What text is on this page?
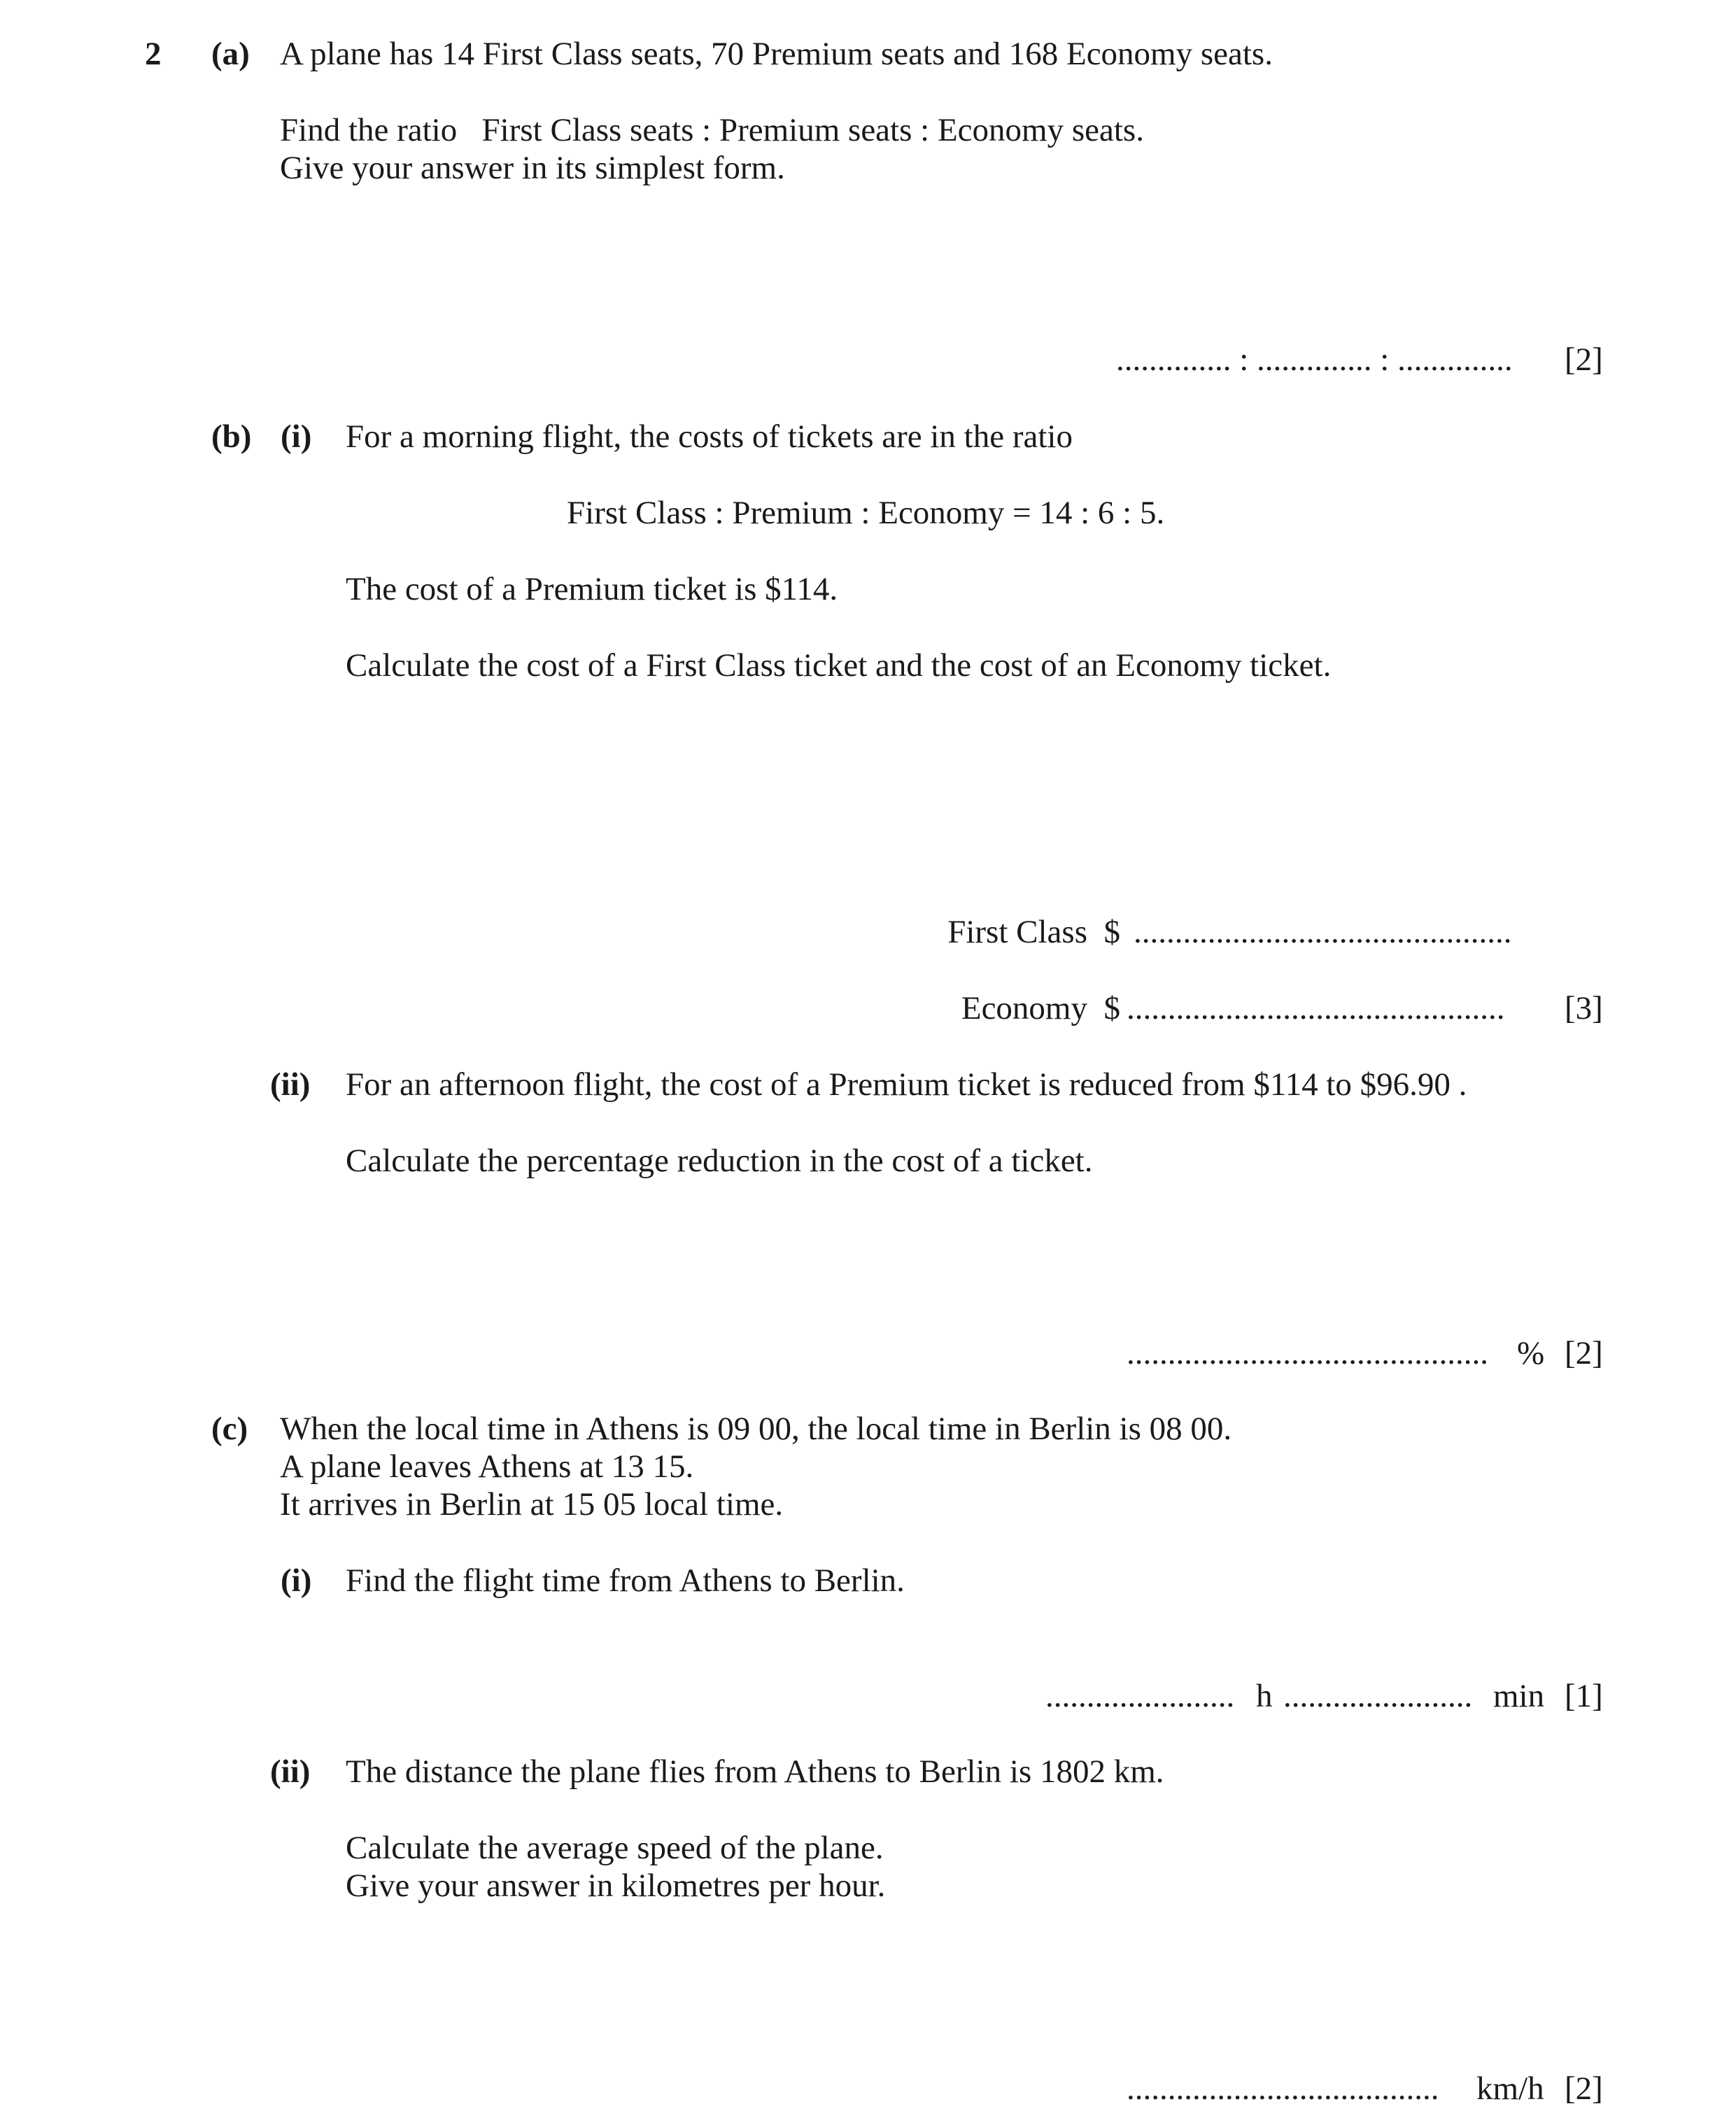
2 (a) A plane has 14 First Class seats, 70 Premium seats and 168 Economy seats.
Find the ratio   First Class seats : Premium seats : Economy seats.
Give your answer in its simplest form.
.............. : .............. : .............. [2]
(b) (i) For a morning flight, the costs of tickets are in the ratio
First Class : Premium : Economy = 14 : 6 : 5.
The cost of a Premium ticket is $114.
Calculate the cost of a First Class ticket and the cost of an Economy ticket.
First Class  $ ..............................................
Economy  $ .............................................. [3]
(ii) For an afternoon flight, the cost of a Premium ticket is reduced from $114 to $96.90 .
Calculate the percentage reduction in the cost of a ticket.
............................................ % [2]
(c) When the local time in Athens is 09 00, the local time in Berlin is 08 00.
A plane leaves Athens at 13 15.
It arrives in Berlin at 15 05 local time.
(i) Find the flight time from Athens to Berlin.
....................... h ....................... min [1]
(ii) The distance the plane flies from Athens to Berlin is 1802 km.
Calculate the average speed of the plane.
Give your answer in kilometres per hour.
...................................... km/h [2]
